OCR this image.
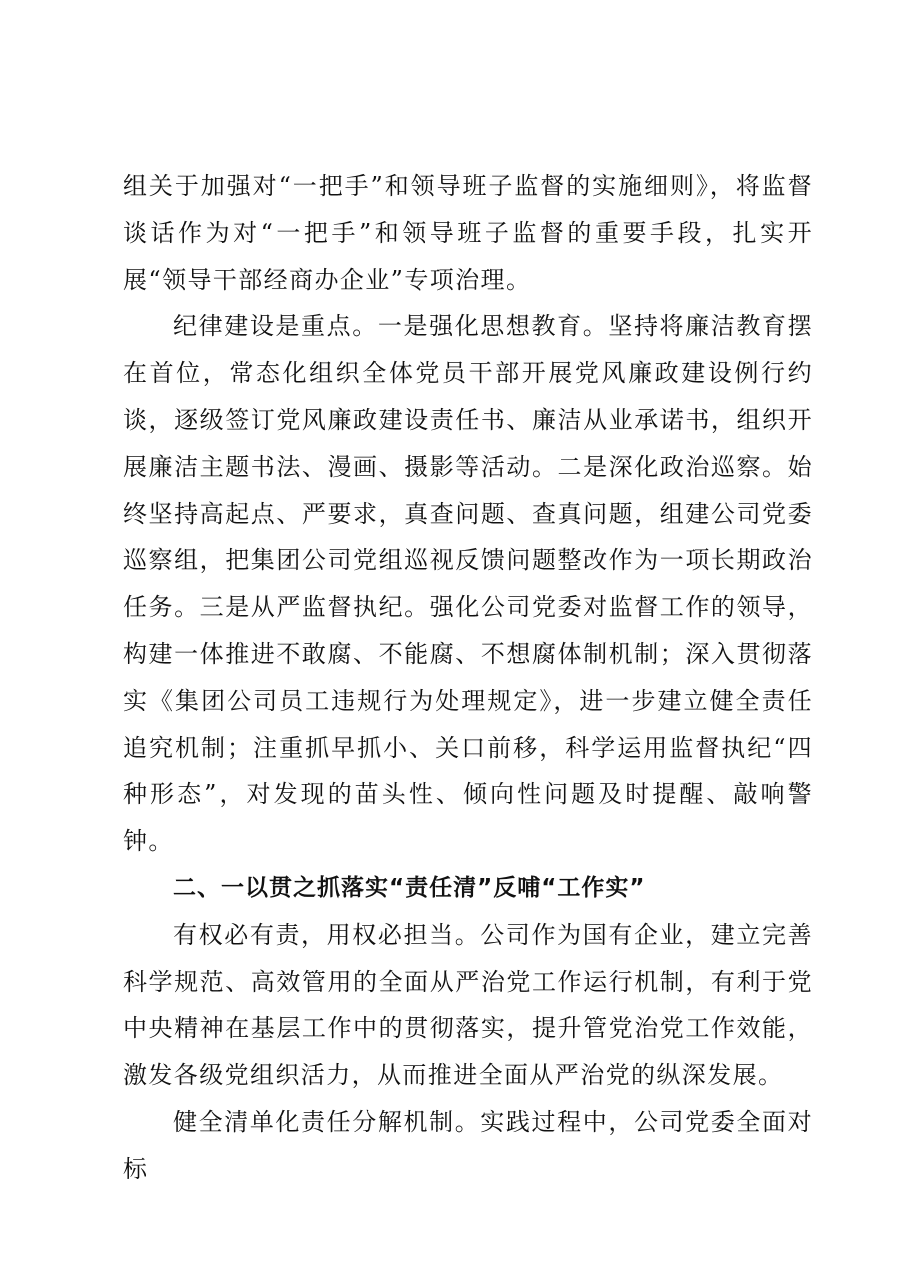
组关于加强对“一把手”和领导班子监督的实施细则》，将监督谈话作为对“一把手”和领导班子监督的重要手段，扎实开展“领导干部经商办企业”专项治理。

纪律建设是重点。一是强化思想教育。坚持将廉洁教育摆在首位，常态化组织全体党员干部开展党风廉政建设例行约谈，逐级签订党风廉政建设责任书、廉洁从业承诺书，组织开展廉洁主题书法、漫画、摄影等活动。二是深化政治巡察。始终坚持高起点、严要求，真查问题、查真问题，组建公司党委巡察组，把集团公司党组巡视反馈问题整改作为一项长期政治任务。三是从严监督执纪。强化公司党委对监督工作的领导，构建一体推进不敢腐、不能腐、不想腐体制机制；深入贯彻落实《集团公司员工违规行为处理规定》，进一步建立健全责任追究机制；注重抓早抓小、关口前移，科学运用监督执纪“四种形态”，对发现的苗头性、倾向性问题及时提醒、敲响警钟。

二、一以贯之抓落实“责任清”反哺“工作实”

有权必有责，用权必担当。公司作为国有企业，建立完善科学规范、高效管用的全面从严治党工作运行机制，有利于党中央精神在基层工作中的贯彻落实，提升管党治党工作效能，激发各级党组织活力，从而推进全面从严治党的纵深发展。

健全清单化责任分解机制。实践过程中，公司党委全面对标
